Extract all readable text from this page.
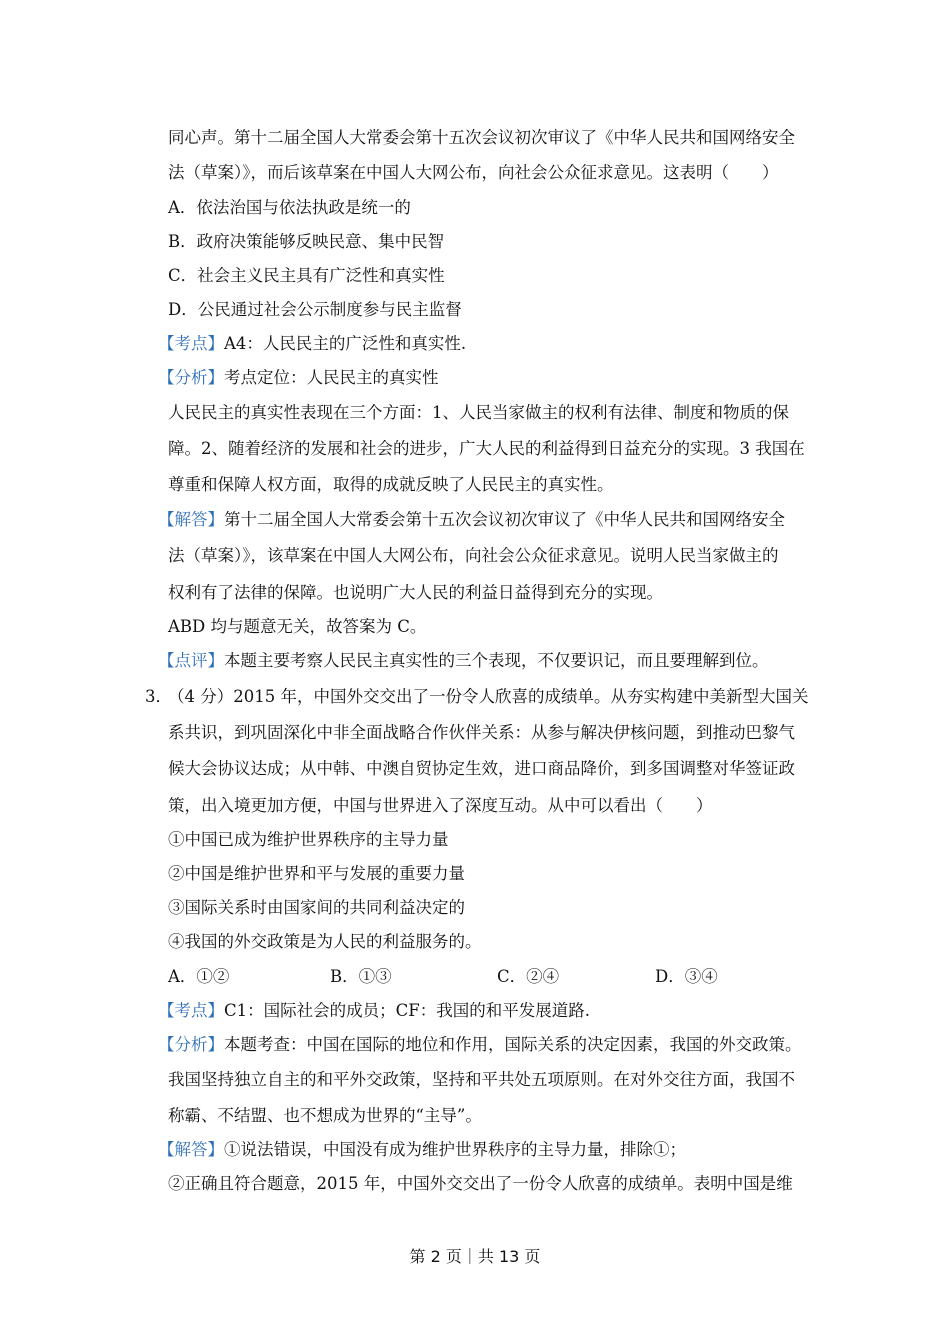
同心声。第十二届全国人大常委会第十五次会议初次审议了《中华人民共和国网络安全
法（草案）》，而后该草案在中国人大网公布，向社会公众征求意见。这表明（　　）
A．依法治国与依法执政是统一的
B．政府决策能够反映民意、集中民智
C．社会主义民主具有广泛性和真实性
D．公民通过社会公示制度参与民主监督
【考点】A4：人民民主的广泛性和真实性.
【分析】考点定位：人民民主的真实性
人民民主的真实性表现在三个方面：1、人民当家做主的权利有法律、制度和物质的保
障。2、随着经济的发展和社会的进步，广大人民的利益得到日益充分的实现。3 我国在
尊重和保障人权方面，取得的成就反映了人民民主的真实性。
【解答】第十二届全国人大常委会第十五次会议初次审议了《中华人民共和国网络安全
法（草案）》，该草案在中国人大网公布，向社会公众征求意见。说明人民当家做主的
权利有了法律的保障。也说明广大人民的利益日益得到充分的实现。
ABD 均与题意无关，故答案为 C。
【点评】本题主要考察人民民主真实性的三个表现，不仅要识记，而且要理解到位。
3．
（4 分）2015 年，中国外交交出了一份令人欣喜的成绩单。从夯实构建中美新型大国关
系共识，到巩固深化中非全面战略合作伙伴关系：从参与解决伊核问题，到推动巴黎气
候大会协议达成；从中韩、中澳自贸协定生效，进口商品降价，到多国调整对华签证政
策，出入境更加方便，中国与世界进入了深度互动。从中可以看出（　　）
①中国已成为维护世界秩序的主导力量
②中国是维护世界和平与发展的重要力量
③国际关系时由国家间的共同利益决定的
④我国的外交政策是为人民的利益服务的。
A．①②	B．①③	C．②④	D．③④
【考点】C1：国际社会的成员；CF：我国的和平发展道路.
【分析】本题考查：中国在国际的地位和作用，国际关系的决定因素，我国的外交政策。
我国坚持独立自主的和平外交政策，坚持和平共处五项原则。在对外交往方面，我国不
称霸、不结盟、也不想成为世界的“主导”。
【解答】①说法错误，中国没有成为维护世界秩序的主导力量，排除①；
②正确且符合题意，2015 年，中国外交交出了一份令人欣喜的成绩单。表明中国是维
第 2 页｜共 13 页
